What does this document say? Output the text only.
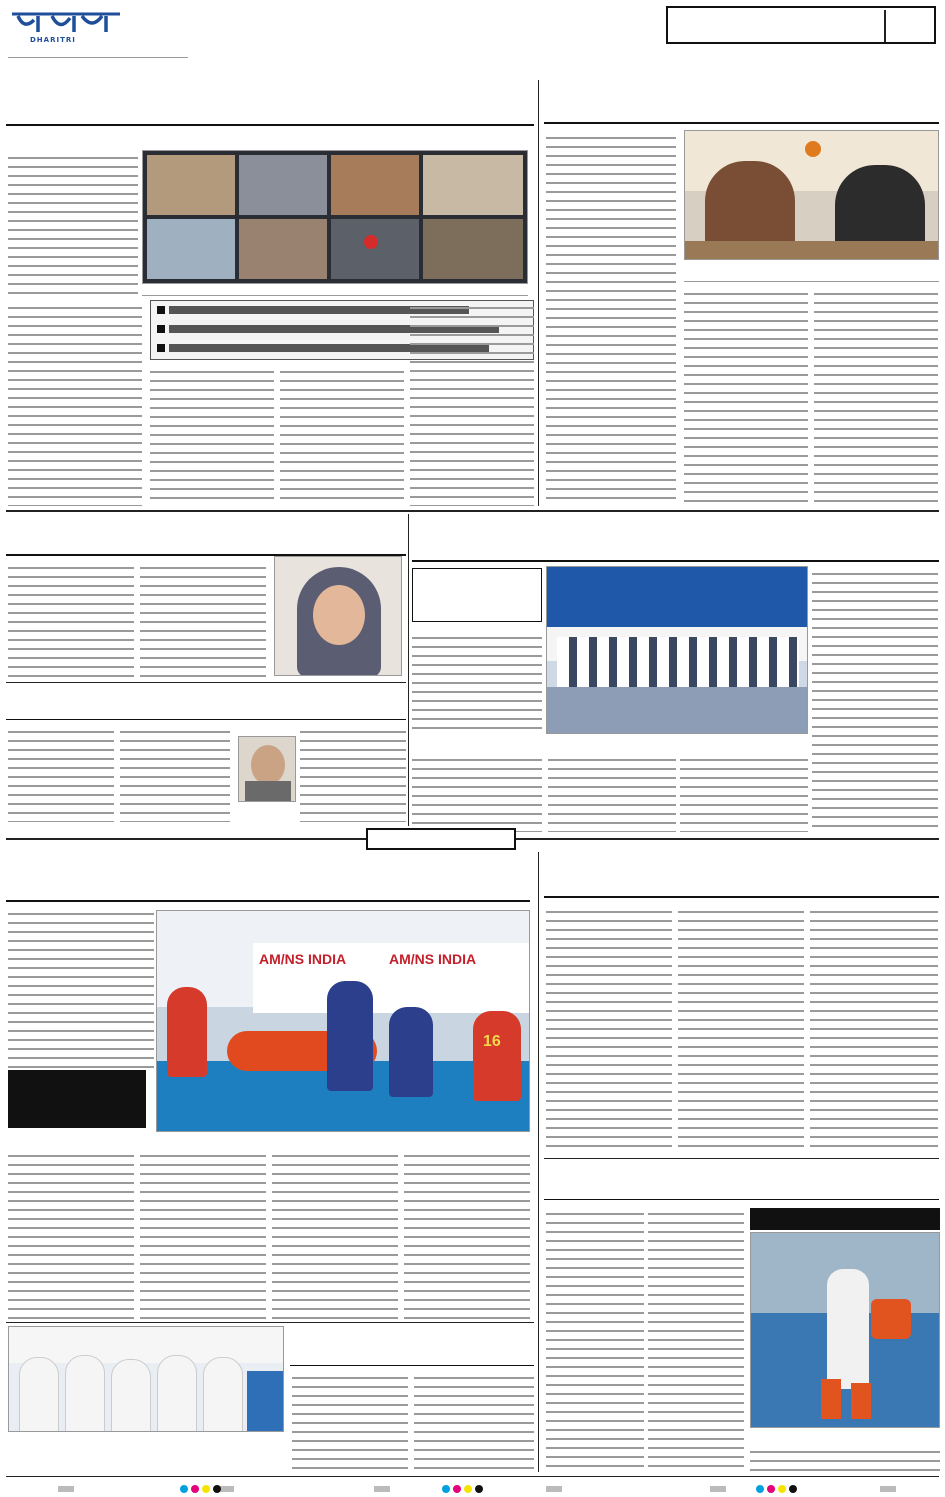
DHARITRI
AM/NS INDIA	AM/NS INDIA
16
